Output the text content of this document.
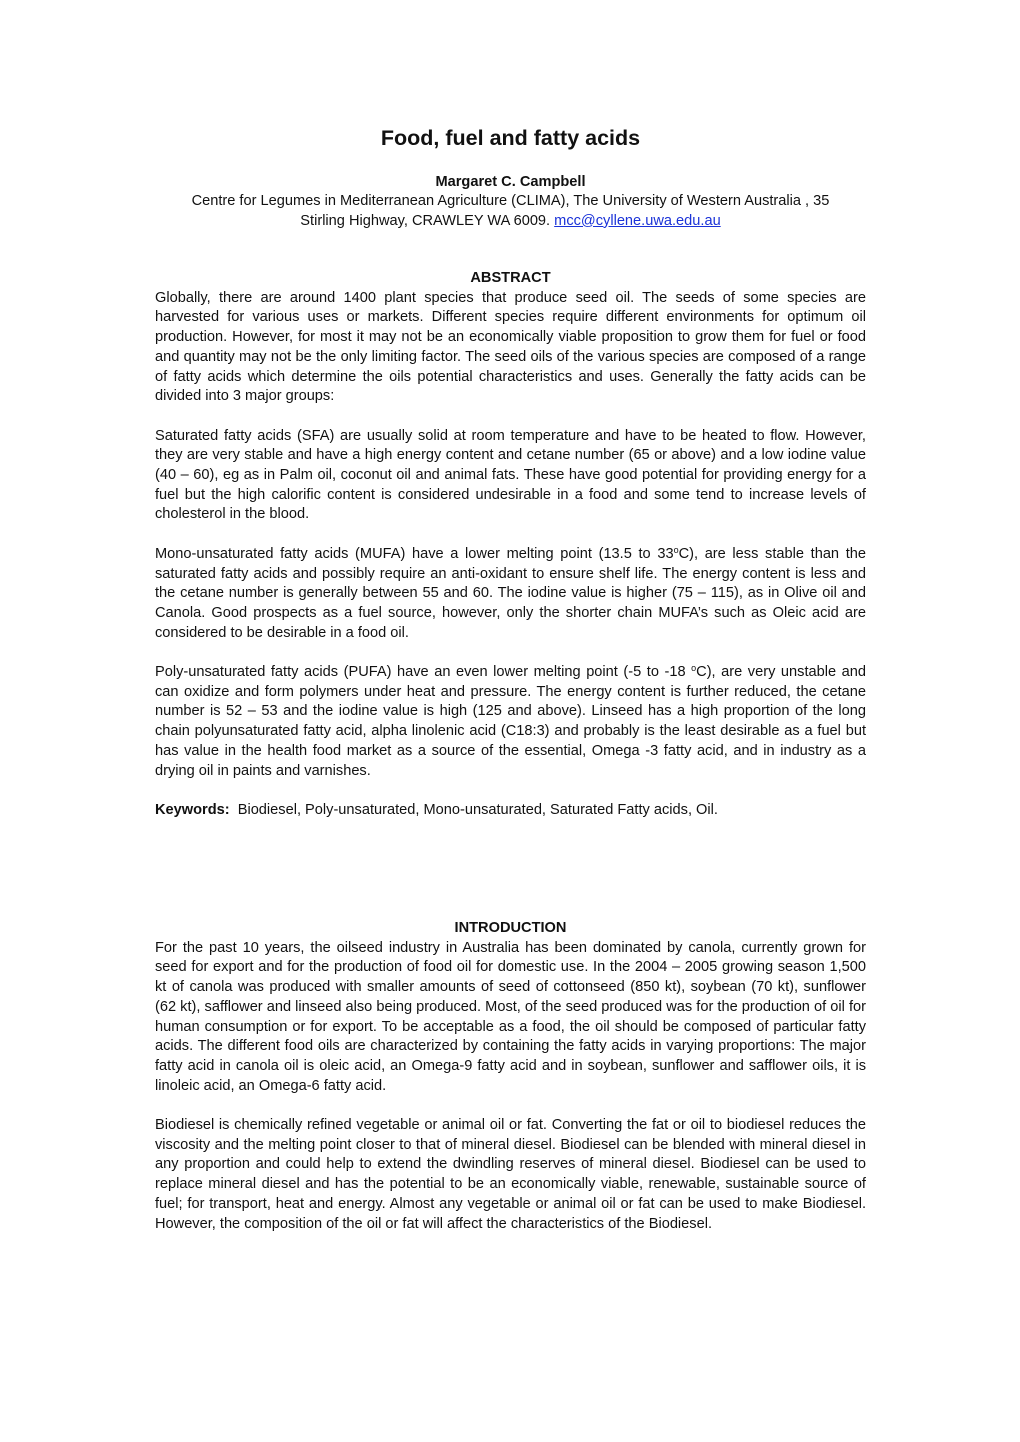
Food, fuel and fatty acids

Margaret C. Campbell

Centre for Legumes in Mediterranean Agriculture (CLIMA), The University of Western Australia , 35 Stirling Highway, CRAWLEY WA 6009. mcc@cyllene.uwa.edu.au

ABSTRACT

Globally, there are around 1400 plant species that produce seed oil. The seeds of some species are harvested for various uses or markets. Different species require different environments for optimum oil production. However, for most it may not be an economically viable proposition to grow them for fuel or food and quantity may not be the only limiting factor. The seed oils of the various species are composed of a range of fatty acids which determine the oils potential characteristics and uses. Generally the fatty acids can be divided into 3 major groups:

Saturated fatty acids (SFA) are usually solid at room temperature and have to be heated to flow. However, they are very stable and have a high energy content and cetane number (65 or above) and a low iodine value (40 – 60), eg as in Palm oil, coconut oil and animal fats. These have good potential for providing energy for a fuel but the high calorific content is considered undesirable in a food and some tend to increase levels of cholesterol in the blood.

Mono-unsaturated fatty acids (MUFA) have a lower melting point (13.5 to 33$^o$C), are less stable than the saturated fatty acids and possibly require an anti-oxidant to ensure shelf life. The energy content is less and the cetane number is generally between 55 and 60. The iodine value is higher (75 – 115), as in Olive oil and Canola. Good prospects as a fuel source, however, only the shorter chain MUFA’s such as Oleic acid are considered to be desirable in a food oil.

Poly-unsaturated fatty acids (PUFA) have an even lower melting point (-5 to -18 $^o$C), are very unstable and can oxidize and form polymers under heat and pressure. The energy content is further reduced, the cetane number is 52 – 53 and the iodine value is high (125 and above). Linseed has a high proportion of the long chain polyunsaturated fatty acid, alpha linolenic acid (C18:3) and probably is the least desirable as a fuel but has value in the health food market as a source of the essential, Omega -3 fatty acid, and in industry as a drying oil in paints and varnishes.

Keywords: Biodiesel, Poly-unsaturated, Mono-unsaturated, Saturated Fatty acids, Oil.

INTRODUCTION

For the past 10 years, the oilseed industry in Australia has been dominated by canola, currently grown for seed for export and for the production of food oil for domestic use. In the 2004 – 2005 growing season 1,500 kt of canola was produced with smaller amounts of seed of cottonseed (850 kt), soybean (70 kt), sunflower (62 kt), safflower and linseed also being produced. Most, of the seed produced was for the production of oil for human consumption or for export. To be acceptable as a food, the oil should be composed of particular fatty acids. The different food oils are characterized by containing the fatty acids in varying proportions: The major fatty acid in canola oil is oleic acid, an Omega-9 fatty acid and in soybean, sunflower and safflower oils, it is linoleic acid, an Omega-6 fatty acid.

Biodiesel is chemically refined vegetable or animal oil or fat. Converting the fat or oil to biodiesel reduces the viscosity and the melting point closer to that of mineral diesel. Biodiesel can be blended with mineral diesel in any proportion and could help to extend the dwindling reserves of mineral diesel. Biodiesel can be used to replace mineral diesel and has the potential to be an economically viable, renewable, sustainable source of fuel; for transport, heat and energy. Almost any vegetable or animal oil or fat can be used to make Biodiesel. However, the composition of the oil or fat will affect the characteristics of the Biodiesel.
